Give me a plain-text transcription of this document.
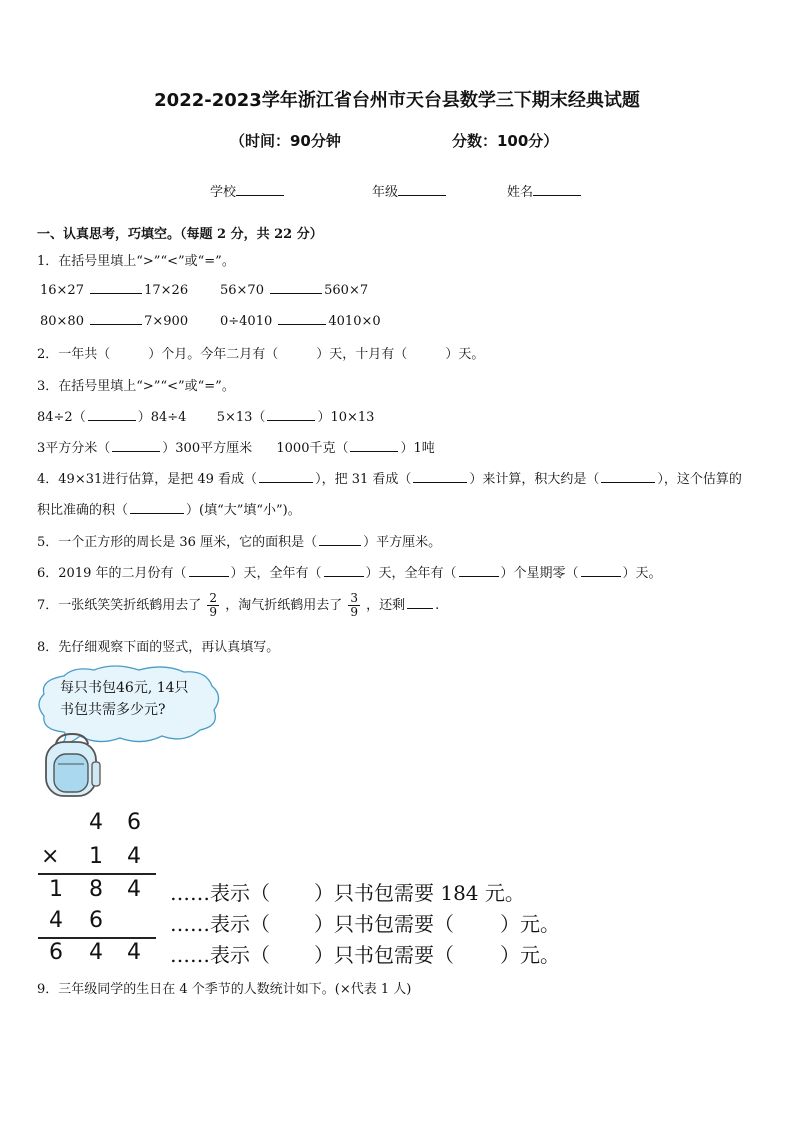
2022-2023学年浙江省台州市天台县数学三下期末经典试题
（时间：90分钟	分数：100分）
学校	年级	姓名
一、认真思考，巧填空。（每题 2 分，共 22 分）
1．在括号里填上“>”“<”或“=”。
16×27	17×26 56×70	560×7
80×80	7×900 0÷4010	4010×0
2．一年共（	）个月。今年二月有（	）天，十月有（	）天。
3．在括号里填上“>”“<”或“=”。
84÷2（	）84÷4 5×13（	）10×13
3平方分米（	）300平方厘米 1000千克（	）1吨
4．49×31进行估算，是把 49 看成（	），把 31 看成（	）来计算，积大约是（	），这个估算的
积比准确的积（	）(填“大”填“小”)。
5．一个正方形的周长是 36 厘米，它的面积是（	）平方厘米。
6．2019 年的二月份有（	）天，全年有（	）天，全年有（	）个星期零（	）天。
7．一张纸笑笑折纸鹤用去了 $\frac{2}{9}$ ，淘气折纸鹤用去了 $\frac{3}{9}$ ，还剩 .
8．先仔细观察下面的竖式，再认真填写。
每只书包46元, 14只
书包共需多少元?
4 6
× 1 4
1 8 4
4 6
6 4 4
……表示（ ）只书包需要 184 元。
……表示（ ）只书包需要（ ）元。
……表示（ ）只书包需要（ ）元。
9．三年级同学的生日在 4 个季节的人数统计如下。(×代表 1 人)
